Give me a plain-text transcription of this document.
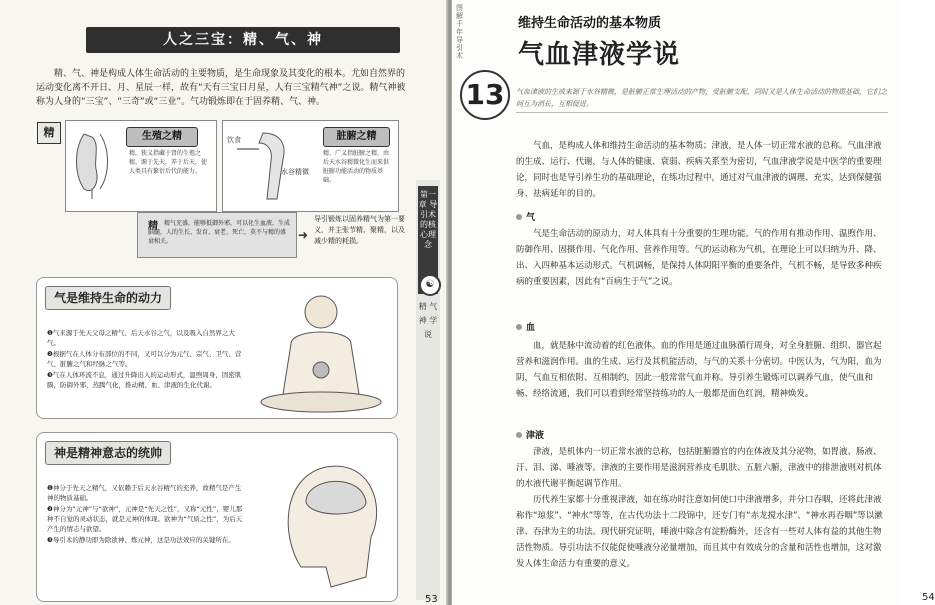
人之三宝：精、气、神
精、气、神是构成人体生命活动的主要物质，是生命现象及其变化的根本。尤如自然界的运动变化离不开日、月、星辰一样，故有“天有三宝日月星，人有三宝精气神”之说。精气神被称为人身的“三宝”、“三奇”或“三业”。气功锻炼即在于固养精、气、神。
第一章 导引术的核心理念
☯
精 气 神 学 说
精	生殖之精
精，狭义指藏于肾的生殖之精，源于先天，养于后天，使人类具有繁衍后代的能力。
饮食
水谷精微
脏腑之精
精，广义指脏腑之精，由后天水谷精微化生而来供脏腑功能活动的物质基础。
精	精气充盛，能够抵御外邪，可以化生血液，生成脑髓，人的生长、发育、衰老、死亡，莫不与精的盛衰相关。	➜
导引锻炼以固养精气为第一要义，并主张节精、聚精，以及减少精的耗损。
气是维持生命的动力
❶气来源于先天父母之精气、后天水谷之气，以及吸入自然界之大气。
❷根据气在人体分布部位的不同，又可以分为元气、宗气、卫气、营气、脏腑之气和经脉之气等。
❸气在人体环流不息，通过升降出入的运动形式，温煦周身，固密肌腠，防御外邪，蒸腾气化，推动精、血、津液的生化代谢。
神是精神意志的统帅
❶神分于先天之精气，又依赖于后天水谷精气的充养，故精气是产生神的物质基础。
❷神分为“元神”与“欲神”，元神是“先天之性”，又称“元性”，婴儿那种不自觉的灵动状态，就是元神的体现。欲神为“气质之性”，为后天产生的情志与欲望。
❸导引术的静功即为除欲神、炼元神，这是功法效应的关键所在。
53
图解千年导引术
维持生命活动的基本物质
气血津液学说
13	气血津液的生成来源于水谷精微，是脏腑正常生理活动的产物，受脏腑支配，同时又是人体生命活动的物质基础，它们之间互为消长，互相促进。

气血，是构成人体和维持生命活动的基本物质；津液，是人体一切正常水液的总称。气血津液的生成、运行、代谢，与人体的健康、衰弱、疾病关系至为密切，气血津液学说是中医学的重要理论，同时也是导引养生功的基础理论，在练功过程中，通过对气血津液的调理、充实，达到保健强身、祛病延年的目的。

气

气是生命活动的原动力，对人体具有十分重要的生理功能。气的作用有推动作用、温煦作用、防御作用、固摄作用、气化作用、营养作用等。气的运动称为气机，在理论上可以归纳为升、降、出、入四种基本运动形式。气机调畅，是保持人体阴阳平衡的重要条件，气机不畅，是导致多种疾病的重要因素，因此有“百病生于气”之说。

血

血，就是脉中流动着的红色液体。血的作用是通过血脉循行周身，对全身脏腑、组织、器官起营养和滋润作用。血的生成、运行及其机能活动，与气的关系十分密切。中医认为，气为阳，血为阴，气血互相依附、互相制约，因此一般常常气血并称。导引养生锻炼可以调养气血，使气血和畅、经络流通，我们可以看到经常坚持练功的人一般都是面色红润，精神焕发。

津液

津液，是机体内一切正常水液的总称，包括脏腑器官的内在体液及其分泌物，如胃液、肠液、汗、泪、涕、唾液等。津液的主要作用是滋润营养皮毛肌肤、五脏六腑，津液中的排泄液则对机体的水液代谢平衡起调节作用。

历代养生家都十分重视津液，如在练功时注意如何使口中津液增多，并分口吞咽，还将此津液称作“琼浆”、“神水”等等，在古代功法十二段锦中，还专门有“赤龙搅水津”、“神水再吞咽”等以漱津、吞津为主的功法。现代研究证明，唾液中除含有淀粉酶外，还含有一些对人体有益的其他生物活性物质。导引功法不仅能促使唾液分泌量增加，而且其中有效成分的含量和活性也增加，这对激发人体生命活力有重要的意义。

54
